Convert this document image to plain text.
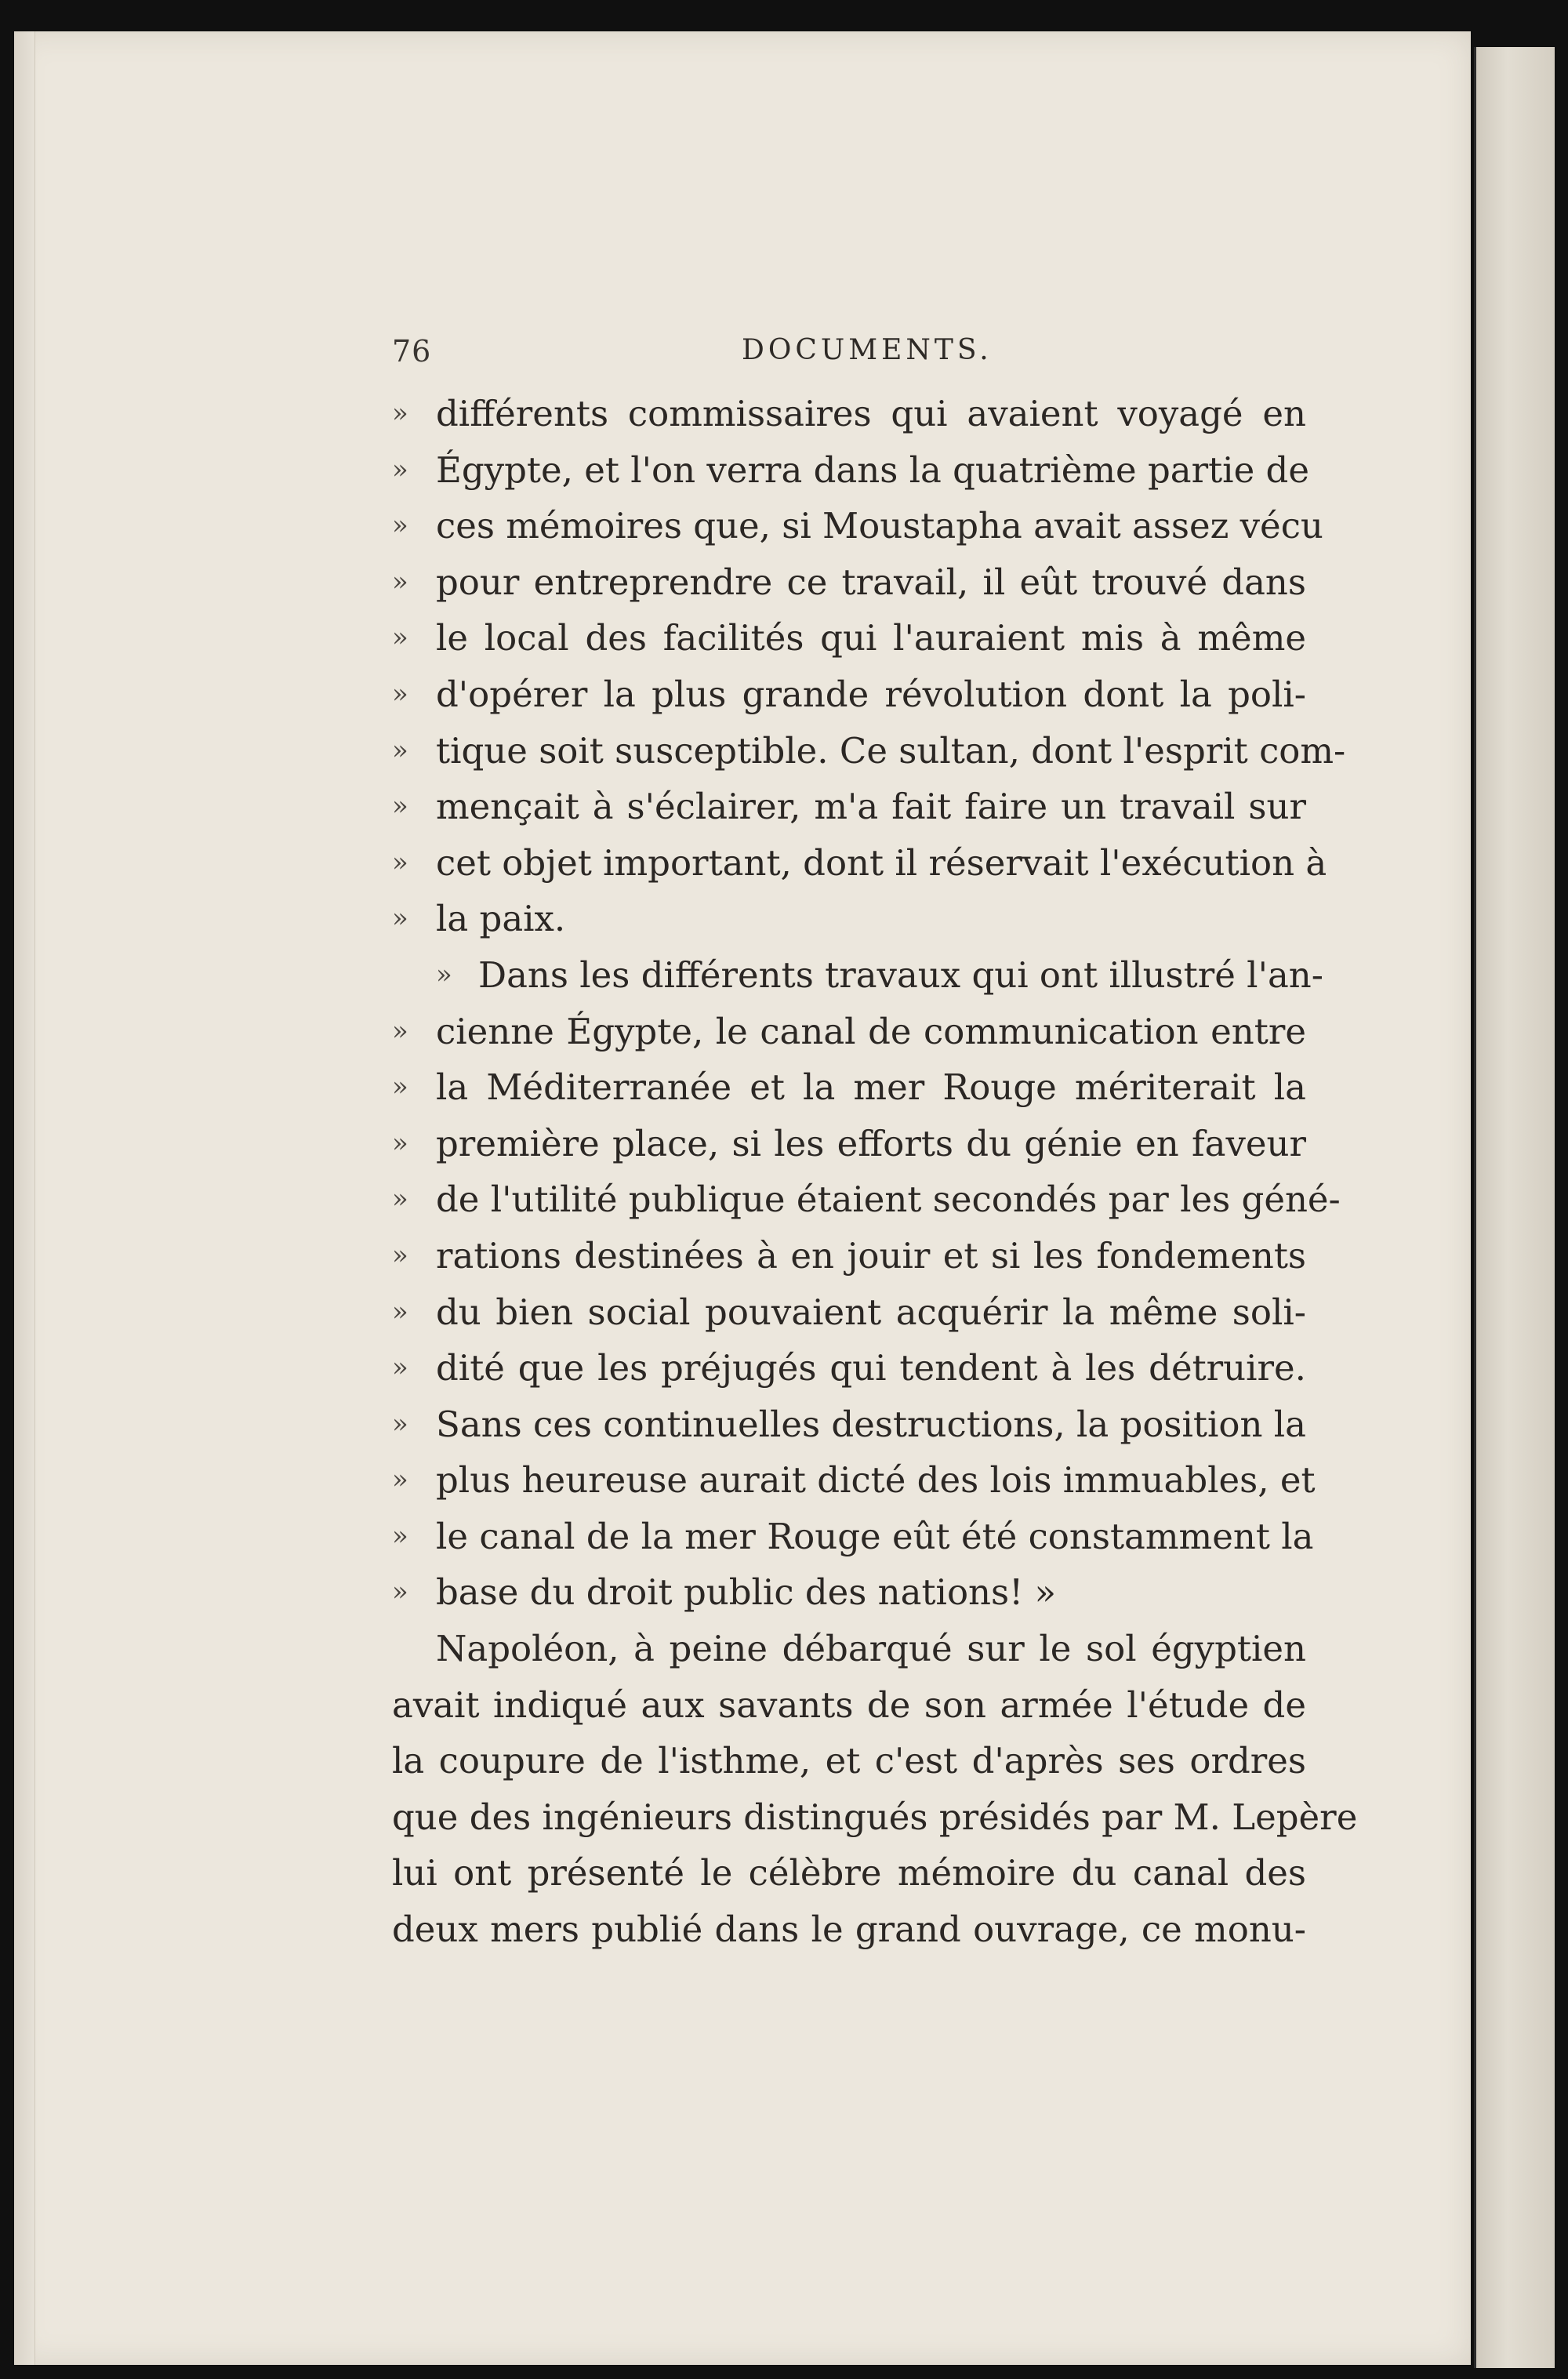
76	DOCUMENTS.
» différents commissaires qui avaient voyagé en
» Égypte, et l'on verra dans la quatrième partie de
» ces mémoires que, si Moustapha avait assez vécu
» pour entreprendre ce travail, il eût trouvé dans
» le local des facilités qui l'auraient mis à même
» d'opérer la plus grande révolution dont la poli-
» tique soit susceptible. Ce sultan, dont l'esprit com-
» mençait à s'éclairer, m'a fait faire un travail sur
» cet objet important, dont il réservait l'exécution à
» la paix.
» Dans les différents travaux qui ont illustré l'an-
» cienne Égypte, le canal de communication entre
» la Méditerranée et la mer Rouge mériterait la
» première place, si les efforts du génie en faveur
» de l'utilité publique étaient secondés par les géné-
» rations destinées à en jouir et si les fondements
» du bien social pouvaient acquérir la même soli-
» dité que les préjugés qui tendent à les détruire.
» Sans ces continuelles destructions, la position la
» plus heureuse aurait dicté des lois immuables, et
» le canal de la mer Rouge eût été constamment la
» base du droit public des nations! »
Napoléon, à peine débarqué sur le sol égyptien
avait indiqué aux savants de son armée l'étude de
la coupure de l'isthme, et c'est d'après ses ordres
que des ingénieurs distingués présidés par M. Lepère
lui ont présenté le célèbre mémoire du canal des
deux mers publié dans le grand ouvrage, ce monu-
